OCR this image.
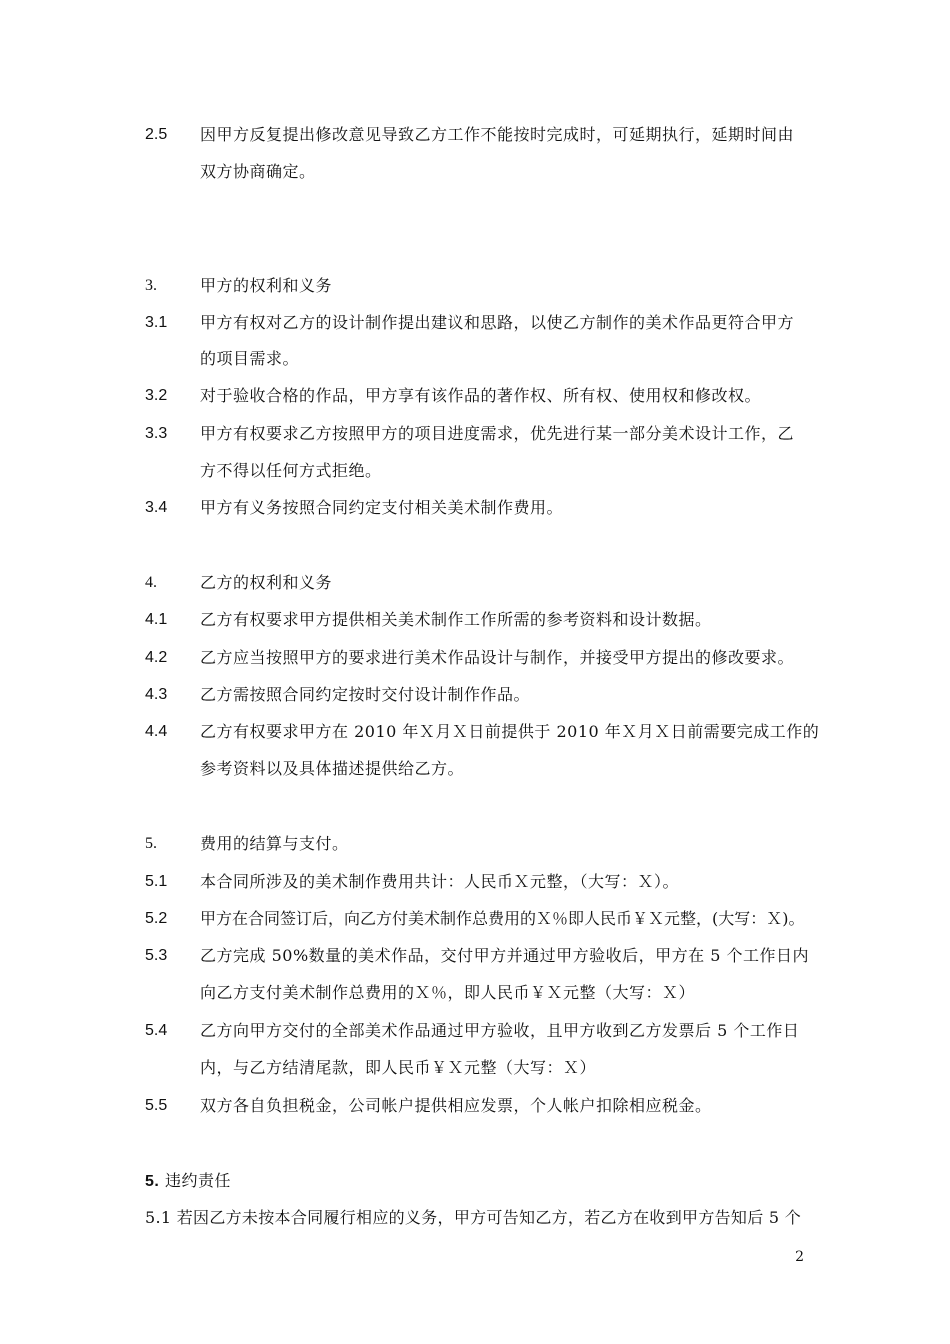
2.5 因甲方反复提出修改意见导致乙方工作不能按时完成时，可延期执行，延期时间由
双方协商确定。
3.	甲方的权利和义务
3.1 甲方有权对乙方的设计制作提出建议和思路，以使乙方制作的美术作品更符合甲方
的项目需求。
3.2 对于验收合格的作品，甲方享有该作品的著作权、所有权、使用权和修改权。
3.3 甲方有权要求乙方按照甲方的项目进度需求，优先进行某一部分美术设计工作，乙
方不得以任何方式拒绝。
3.4 甲方有义务按照合同约定支付相关美术制作费用。
4.	乙方的权利和义务
4.1 乙方有权要求甲方提供相关美术制作工作所需的参考资料和设计数据。
4.2 乙方应当按照甲方的要求进行美术作品设计与制作，并接受甲方提出的修改要求。
4.3 乙方需按照合同约定按时交付设计制作作品。
4.4 乙方有权要求甲方在 2010 年Ｘ月Ｘ日前提供于 2010 年Ｘ月Ｘ日前需要完成工作的
参考资料以及具体描述提供给乙方。
5.	费用的结算与支付。
5.1 本合同所涉及的美术制作费用共计：人民币Ｘ元整，（大写：Ｘ）。
5.2 甲方在合同签订后，向乙方付美术制作总费用的Ｘ％即人民币￥Ｘ元整，(大写：Ｘ)。
5.3 乙方完成 50%数量的美术作品，交付甲方并通过甲方验收后，甲方在 5 个工作日内
向乙方支付美术制作总费用的Ｘ％，即人民币￥Ｘ元整（大写：Ｘ）
5.4 乙方向甲方交付的全部美术作品通过甲方验收，且甲方收到乙方发票后 5 个工作日
内，与乙方结清尾款，即人民币￥Ｘ元整（大写：Ｘ）
5.5 双方各自负担税金，公司帐户提供相应发票，个人帐户扣除相应税金。
5. 违约责任
5.1 若因乙方未按本合同履行相应的义务，甲方可告知乙方，若乙方在收到甲方告知后 5 个
2
